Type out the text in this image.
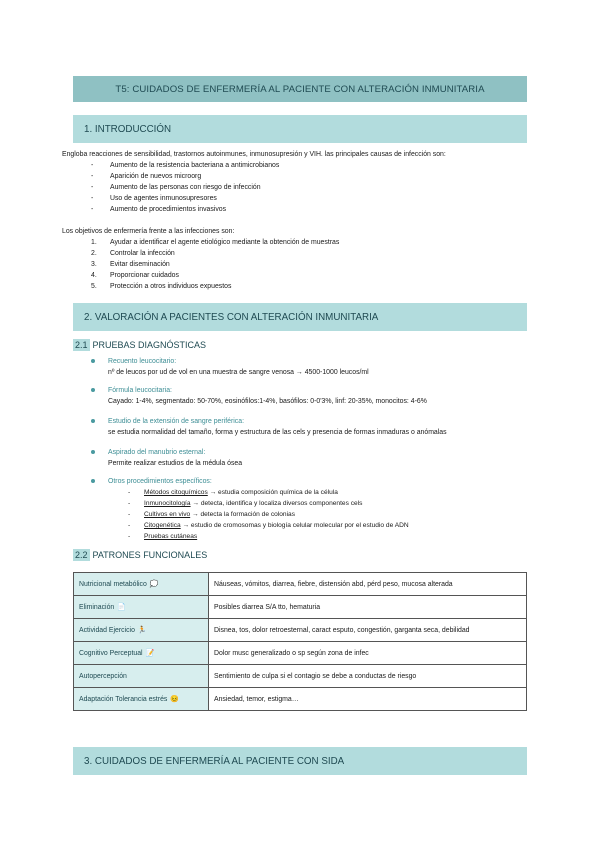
T5: CUIDADOS DE ENFERMERÍA AL PACIENTE CON ALTERACIÓN INMUNITARIA
1. INTRODUCCIÓN
Engloba reacciones de sensibilidad, trastornos autoinmunes, inmunosupresión y VIH. las principales causas de infección son:
- Aumento de la resistencia bacteriana a antimicrobianos
- Aparición de nuevos microorg
- Aumento de las personas con riesgo de infección
- Uso de agentes inmunosupresores
- Aumento de procedimientos invasivos
Los objetivos de enfermería frente a las infecciones son:
1. Ayudar a identificar el agente etiológico mediante la obtención de muestras
2. Controlar la infección
3. Evitar diseminación
4. Proporcionar cuidados
5. Protección a otros individuos expuestos
2. VALORACIÓN A PACIENTES CON ALTERACIÓN INMUNITARIA
2.1 PRUEBAS DIAGNÓSTICAS
Recuento leucocitario:
nº de leucos por ud de vol en una muestra de sangre venosa → 4500-1000 leucos/ml
Fórmula leucocitaria:
Cayado: 1-4%, segmentado: 50-70%, eosinófilos:1-4%, basófilos: 0-0'3%, linf: 20-35%, monocitos: 4-6%
Estudio de la extensión de sangre periférica:
se estudia normalidad del tamaño, forma y estructura de las cels y presencia de formas inmaduras o anómalas
Aspirado del manubrio esternal:
Permite realizar estudios de la médula ósea
Otros procedimientos específicos:
- Métodos citoquímicos → estudia composición química de la célula
- Inmunocitología → detecta, identifica y localiza diversos componentes cels
- Cultivos en vivo → detecta la formación de colonias
- Citogenética → estudio de cromosomas y biología celular molecular por el estudio de ADN
- Pruebas cutáneas
2.2 PATRONES FUNCIONALES
Nutricional metabólico 💭	Náuseas, vómitos, diarrea, fiebre, distensión abd, pérd peso, mucosa alterada
Eliminación 📄	Posibles diarrea S/A tto, hematuria
Actividad Ejercicio 🏃	Disnea, tos, dolor retroesternal, caract esputo, congestión, garganta seca, debilidad
Cognitivo Perceptual 📝	Dolor musc generalizado o sp según zona de infec
Autopercepción	Sentimiento de culpa si el contagio se debe a conductas de riesgo
Adaptación Tolerancia estrés 😣	Ansiedad, temor, estigma…
3. CUIDADOS DE ENFERMERÍA AL PACIENTE CON SIDA
